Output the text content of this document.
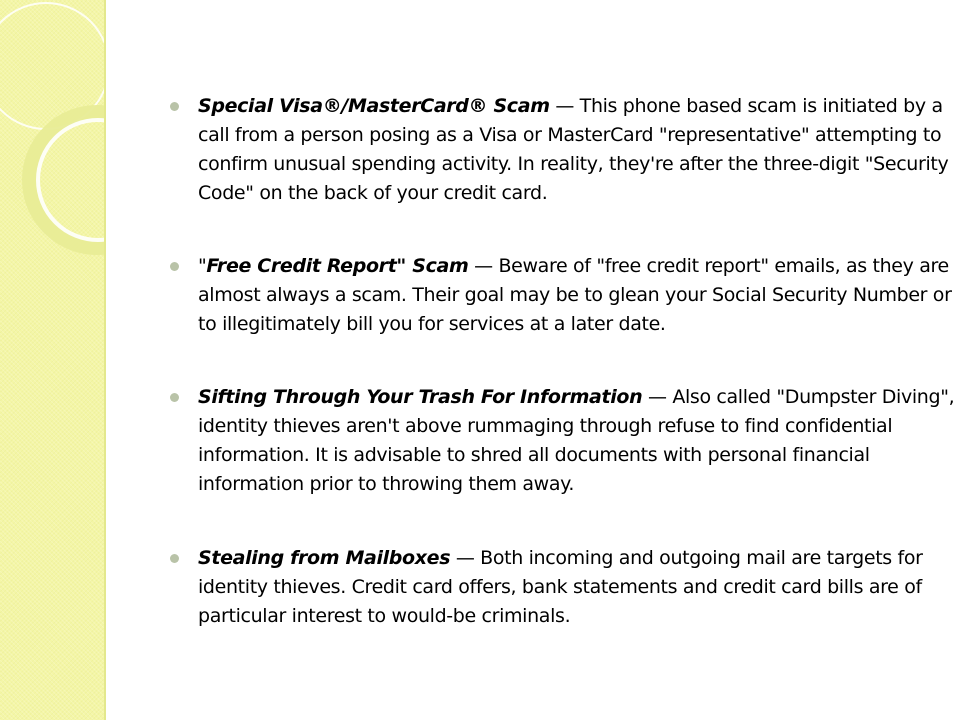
Special Visa®/MasterCard® Scam — This phone based scam is initiated by a call from a person posing as a Visa or MasterCard "representative" attempting to confirm unusual spending activity. In reality, they're after the three-digit "Security Code" on the back of your credit card.

"Free Credit Report" Scam — Beware of "free credit report" emails, as they are almost always a scam. Their goal may be to glean your Social Security Number or to illegitimately bill you for services at a later date.

Sifting Through Your Trash For Information — Also called "Dumpster Diving", identity thieves aren't above rummaging through refuse to find confidential information. It is advisable to shred all documents with personal financial information prior to throwing them away.

Stealing from Mailboxes — Both incoming and outgoing mail are targets for identity thieves. Credit card offers, bank statements and credit card bills are of particular interest to would-be criminals.
